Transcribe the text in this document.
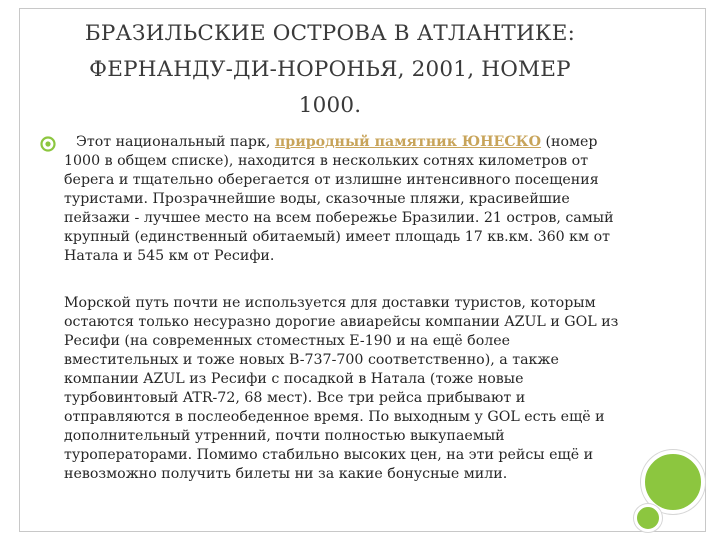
БРАЗИЛЬСКИЕ ОСТРОВА В АТЛАНТИКЕ: ФЕРНАНДУ-ДИ-НОРОНЬЯ, 2001, НОМЕР 1000.

Этот национальный парк, природный памятник ЮНЕСКО (номер 1000 в общем списке), находится в нескольких сотнях километров от берега и тщательно оберегается от излишне интенсивного посещения туристами. Прозрачнейшие воды, сказочные пляжи, красивейшие пейзажи - лучшее место на всем побережье Бразилии. 21 остров, самый крупный (единственный обитаемый) имеет площадь 17 кв.км. 360 км от Натала и 545 км от Ресифи.

Морской путь почти не используется для доставки туристов, которым остаются только несуразно дорогие авиарейсы компании AZUL и GOL из Ресифи (на современных стоместных E-190 и на ещё более вместительных и тоже новых B-737-700 соответственно), а также компании AZUL из Ресифи с посадкой в Натала (тоже новые турбовинтовый ATR-72, 68 мест). Все три рейса прибывают и отправляются в послеобеденное время. По выходным у GOL есть ещё и дополнительный утренний, почти полностью выкупаемый туроператорами. Помимо стабильно высоких цен, на эти рейсы ещё и невозможно получить билеты ни за какие бонусные мили.
